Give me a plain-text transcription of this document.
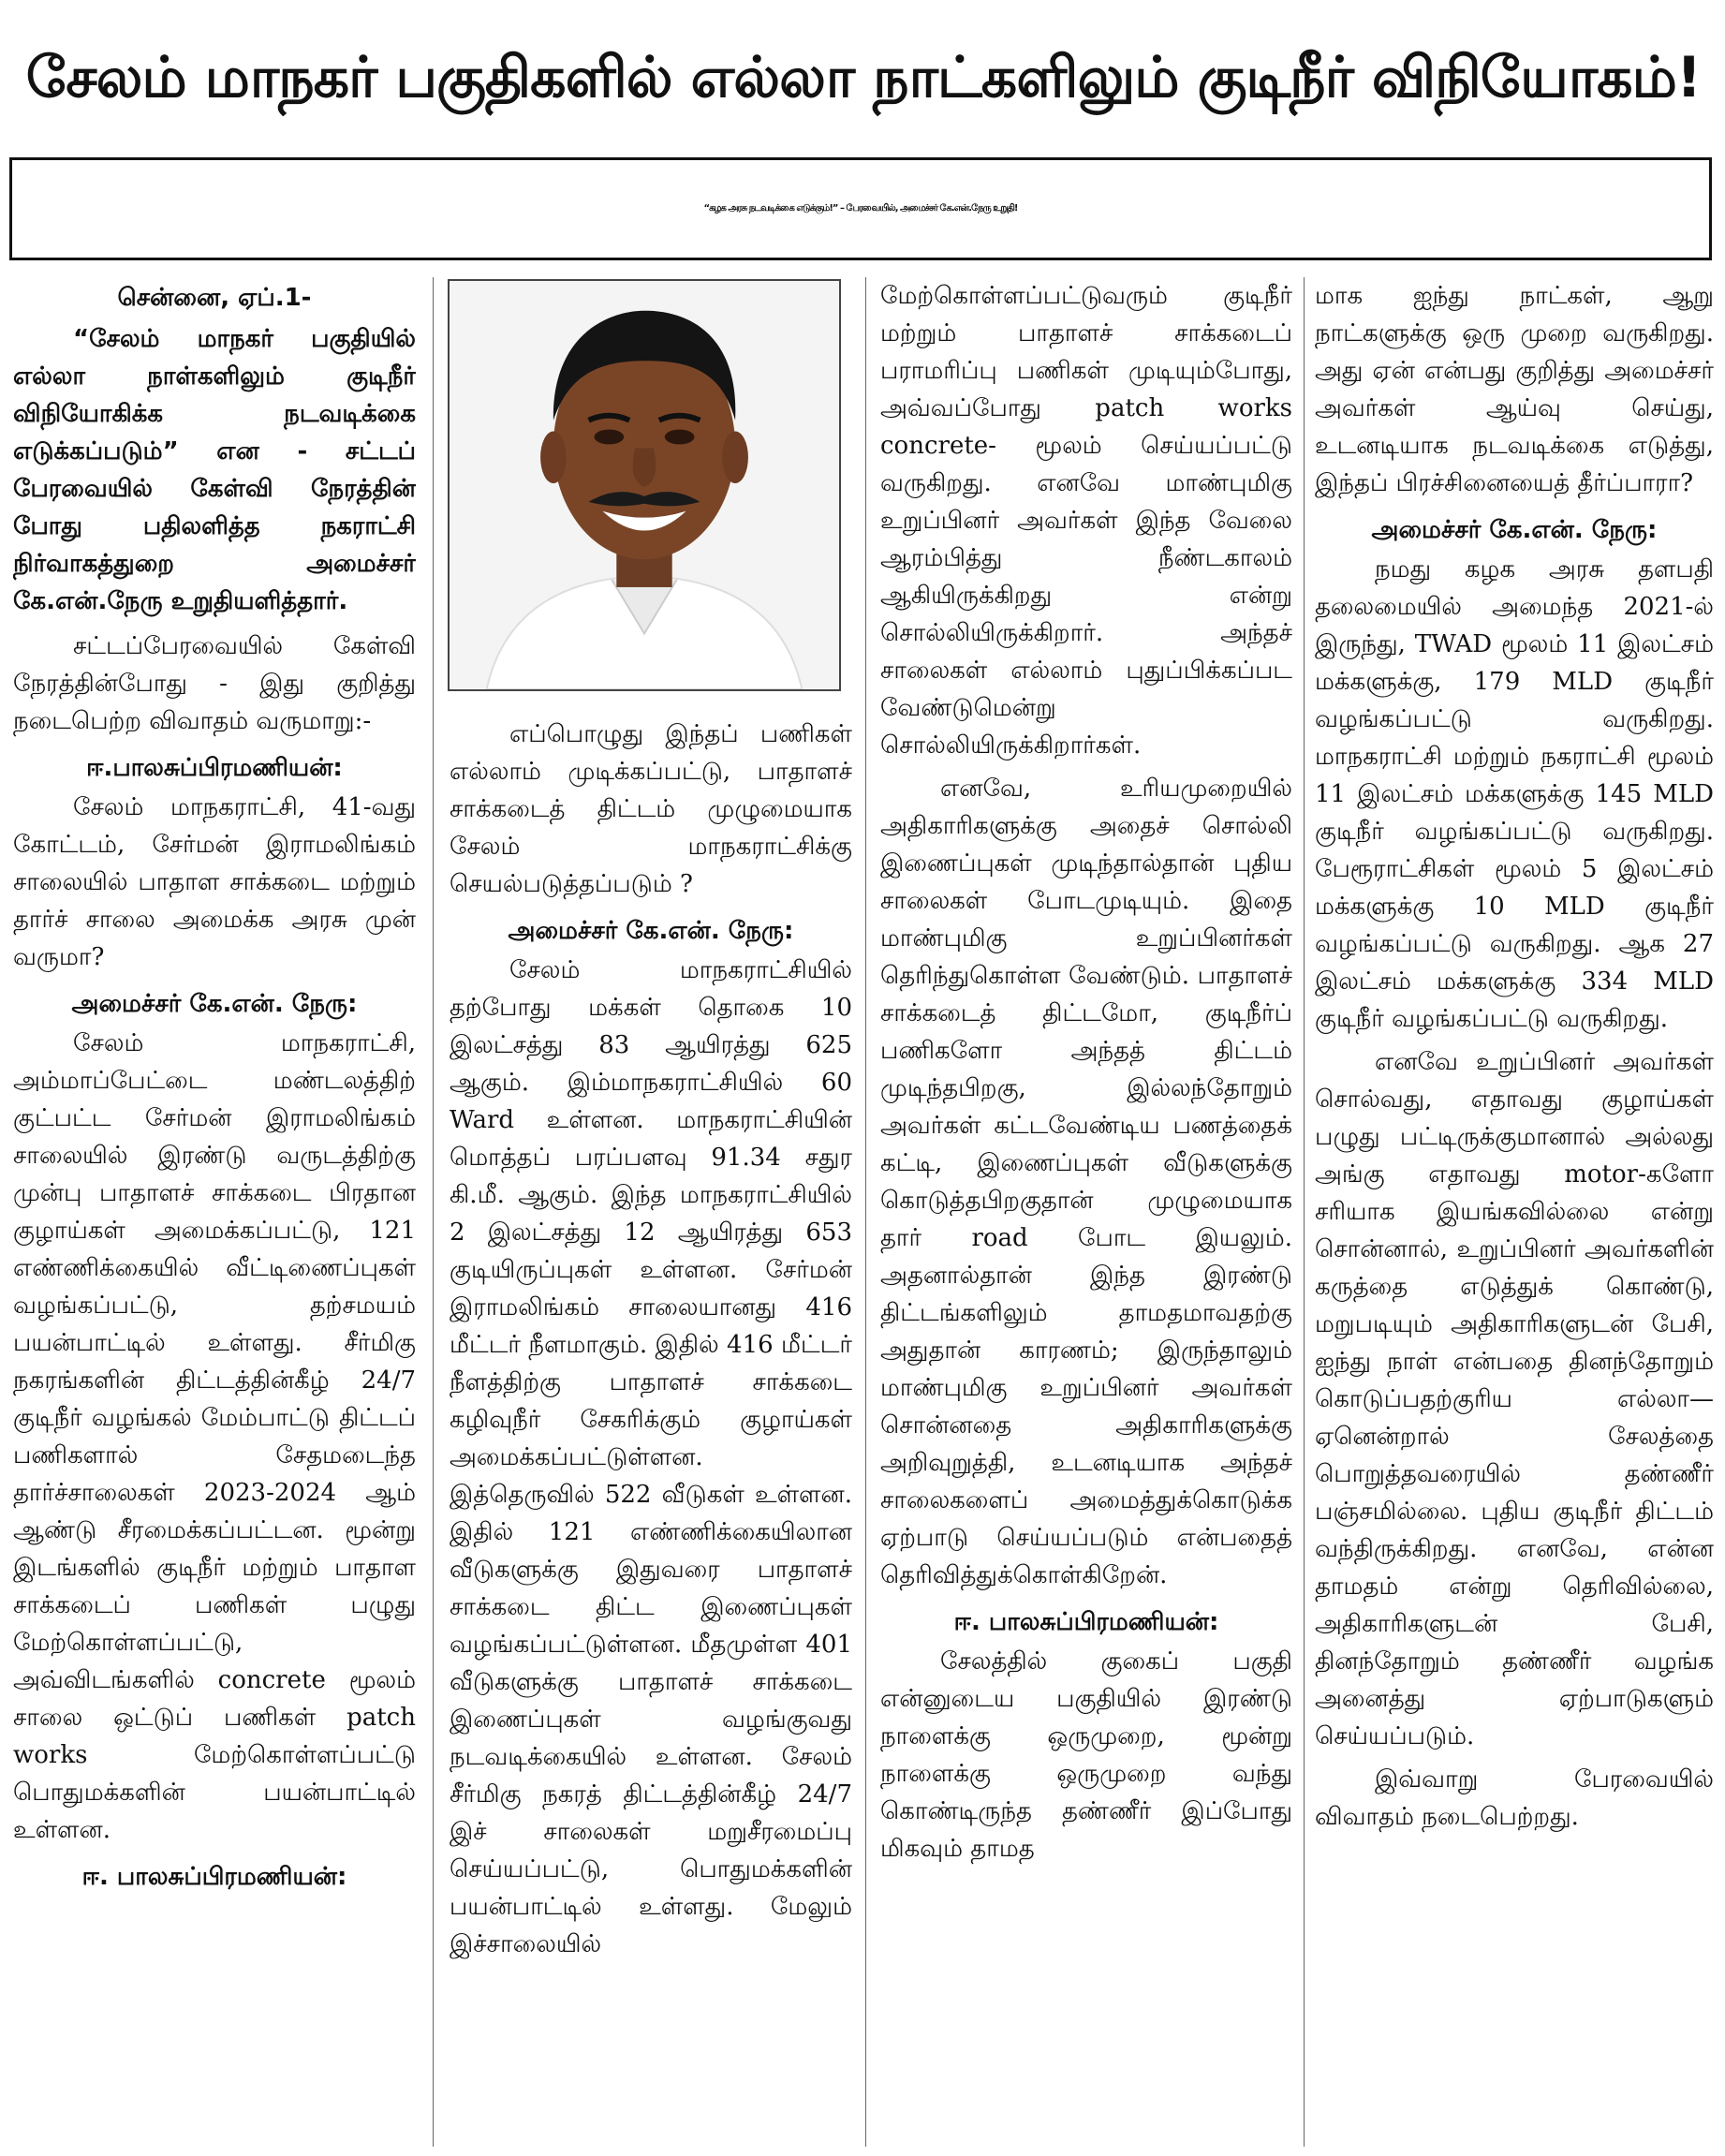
சேலம் மாநகர் பகுதிகளில் எல்லா நாட்களிலும் குடிநீர் விநியோகம்!
“கழக அரசு நடவடிக்கை எடுக்கும்!” – பேரவையில், அமைச்சர் கே.என்.நேரு உறுதி!
சென்னை, ஏப்.1-
“சேலம் மாநகர் பகுதியில் எல்லா நாள்களிலும் குடிநீர் விநியோகிக்க நடவடிக்கை எடுக்கப்படும்” என - சட்டப் பேரவையில் கேள்வி நேரத்தின் போது பதிலளித்த நகராட்சி நிர்வாகத்துறை அமைச்சர் கே.என்.நேரு உறுதியளித்தார்.

சட்டப்பேரவையில் கேள்வி நேரத்தின்போது - இது குறித்து நடைபெற்ற விவாதம் வருமாறு:-

ஈ.பாலசுப்பிரமணியன்:

சேலம் மாநகராட்சி, 41-வது கோட்டம், சேர்மன் இராமலிங்கம் சாலையில் பாதாள சாக்கடை மற்றும் தார்ச் சாலை அமைக்க அரசு முன் வருமா?

அமைச்சர் கே.என். நேரு:

சேலம் மாநகராட்சி, அம்மாப்பேட்டை மண்டலத்திற் குட்பட்ட சேர்மன் இராமலிங்கம் சாலையில் இரண்டு வருடத்திற்கு முன்பு பாதாளச் சாக்கடை பிரதான குழாய்கள் அமைக்கப்பட்டு, 121 எண்ணிக்கையில் வீட்டிணைப்புகள் வழங்கப்பட்டு, தற்சமயம் பயன்பாட்டில் உள்ளது. சீர்மிகு நகரங்களின் திட்டத்தின்கீழ் 24/7 குடிநீர் வழங்கல் மேம்பாட்டு திட்டப் பணிகளால் சேதமடைந்த தார்ச்சாலைகள் 2023-2024 ஆம் ஆண்டு சீரமைக்கப்பட்டன. மூன்று இடங்களில் குடிநீர் மற்றும் பாதாள சாக்கடைப் பணிகள் பழுது மேற்கொள்ளப்பட்டு, அவ்விடங்களில் concrete மூலம் சாலை ஒட்டுப் பணிகள் patch works மேற்கொள்ளப்பட்டு பொதுமக்களின் பயன்பாட்டில் உள்ளன.

ஈ. பாலசுப்பிரமணியன்:

எப்பொழுது இந்தப் பணிகள் எல்லாம் முடிக்கப்பட்டு, பாதாளச் சாக்கடைத் திட்டம் முழுமையாக சேலம் மாநகராட்சிக்கு செயல்படுத்தப்படும் ?

அமைச்சர் கே.என். நேரு:

சேலம் மாநகராட்சியில் தற்போது மக்கள் தொகை 10 இலட்சத்து 83 ஆயிரத்து 625 ஆகும். இம்மாநகராட்சியில் 60 Ward உள்ளன. மாநகராட்சியின் மொத்தப் பரப்பளவு 91.34 சதுர கி.மீ. ஆகும். இந்த மாநகராட்சியில் 2 இலட்சத்து 12 ஆயிரத்து 653 குடியிருப்புகள் உள்ளன. சேர்மன் இராமலிங்கம் சாலையானது 416 மீட்டர் நீளமாகும். இதில் 416 மீட்டர் நீளத்திற்கு பாதாளச் சாக்கடை கழிவுநீர் சேகரிக்கும் குழாய்கள் அமைக்கப்பட்டுள்ளன. இத்தெருவில் 522 வீடுகள் உள்ளன. இதில் 121 எண்ணிக்கையிலான வீடுகளுக்கு இதுவரை பாதாளச் சாக்கடை திட்ட இணைப்புகள் வழங்கப்பட்டுள்ளன. மீதமுள்ள 401 வீடுகளுக்கு பாதாளச் சாக்கடை இணைப்புகள் வழங்குவது நடவடிக்கையில் உள்ளன. சேலம் சீர்மிகு நகரத் திட்டத்தின்கீழ் 24/7 இச் சாலைகள் மறுசீரமைப்பு செய்யப்பட்டு, பொதுமக்களின் பயன்பாட்டில் உள்ளது. மேலும் இச்சாலையில்

மேற்கொள்ளப்பட்டுவரும் குடிநீர் மற்றும் பாதாளச் சாக்கடைப் பராமரிப்பு பணிகள் முடியும்போது, அவ்வப்போது patch works concrete- மூலம் செய்யப்பட்டு வருகிறது. எனவே மாண்புமிகு உறுப்பினர் அவர்கள் இந்த வேலை ஆரம்பித்து நீண்டகாலம் ஆகியிருக்கிறது என்று சொல்லியிருக்கிறார். அந்தச் சாலைகள் எல்லாம் புதுப்பிக்கப்பட வேண்டுமென்று சொல்லியிருக்கிறார்கள்.

எனவே, உரியமுறையில் அதிகாரிகளுக்கு அதைச் சொல்லி இணைப்புகள் முடிந்தால்தான் புதிய சாலைகள் போடமுடியும். இதை மாண்புமிகு உறுப்பினர்கள் தெரிந்துகொள்ள வேண்டும். பாதாளச் சாக்கடைத் திட்டமோ, குடிநீர்ப் பணிகளோ அந்தத் திட்டம் முடிந்தபிறகு, இல்லந்தோறும் அவர்கள் கட்டவேண்டிய பணத்தைக் கட்டி, இணைப்புகள் வீடுகளுக்கு கொடுத்தபிறகுதான் முழுமையாக தார் road போட இயலும். அதனால்தான் இந்த இரண்டு திட்டங்களிலும் தாமதமாவதற்கு அதுதான் காரணம்; இருந்தாலும் மாண்புமிகு உறுப்பினர் அவர்கள் சொன்னதை அதிகாரிகளுக்கு அறிவுறுத்தி, உடனடியாக அந்தச் சாலைகளைப் அமைத்துக்கொடுக்க ஏற்பாடு செய்யப்படும் என்பதைத் தெரிவித்துக்கொள்கிறேன்.

ஈ. பாலசுப்பிரமணியன்:

சேலத்தில் குகைப் பகுதி என்னுடைய பகுதியில் இரண்டு நாளைக்கு ஒருமுறை, மூன்று நாளைக்கு ஒருமுறை வந்து கொண்டிருந்த தண்ணீர் இப்போது மிகவும் தாமத

மாக ஐந்து நாட்கள், ஆறு நாட்களுக்கு ஒரு முறை வருகிறது. அது ஏன் என்பது குறித்து அமைச்சர் அவர்கள் ஆய்வு செய்து, உடனடியாக நடவடிக்கை எடுத்து, இந்தப் பிரச்சினையைத் தீர்ப்பாரா?

அமைச்சர் கே.என். நேரு:

நமது கழக அரசு தளபதி தலைமையில் அமைந்த 2021-ல் இருந்து, TWAD மூலம் 11 இலட்சம் மக்களுக்கு, 179 MLD குடிநீர் வழங்கப்பட்டு வருகிறது. மாநகராட்சி மற்றும் நகராட்சி மூலம் 11 இலட்சம் மக்களுக்கு 145 MLD குடிநீர் வழங்கப்பட்டு வருகிறது. பேரூராட்சிகள் மூலம் 5 இலட்சம் மக்களுக்கு 10 MLD குடிநீர் வழங்கப்பட்டு வருகிறது. ஆக 27 இலட்சம் மக்களுக்கு 334 MLD குடிநீர் வழங்கப்பட்டு வருகிறது.

எனவே உறுப்பினர் அவர்கள் சொல்வது, எதாவது குழாய்கள் பழுது பட்டிருக்குமானால் அல்லது அங்கு எதாவது motor-களோ சரியாக இயங்கவில்லை என்று சொன்னால், உறுப்பினர் அவர்களின் கருத்தை எடுத்துக் கொண்டு, மறுபடியும் அதிகாரிகளுடன் பேசி, ஐந்து நாள் என்பதை தினந்தோறும் கொடுப்பதற்குரிய எல்லா— ஏனென்றால் சேலத்தை பொறுத்தவரையில் தண்ணீர் பஞ்சமில்லை. புதிய குடிநீர் திட்டம் வந்திருக்கிறது. எனவே, என்ன தாமதம் என்று தெரிவில்லை, அதிகாரிகளுடன் பேசி, தினந்தோறும் தண்ணீர் வழங்க அனைத்து ஏற்பாடுகளும் செய்யப்படும்.

இவ்வாறு பேரவையில் விவாதம் நடைபெற்றது.
